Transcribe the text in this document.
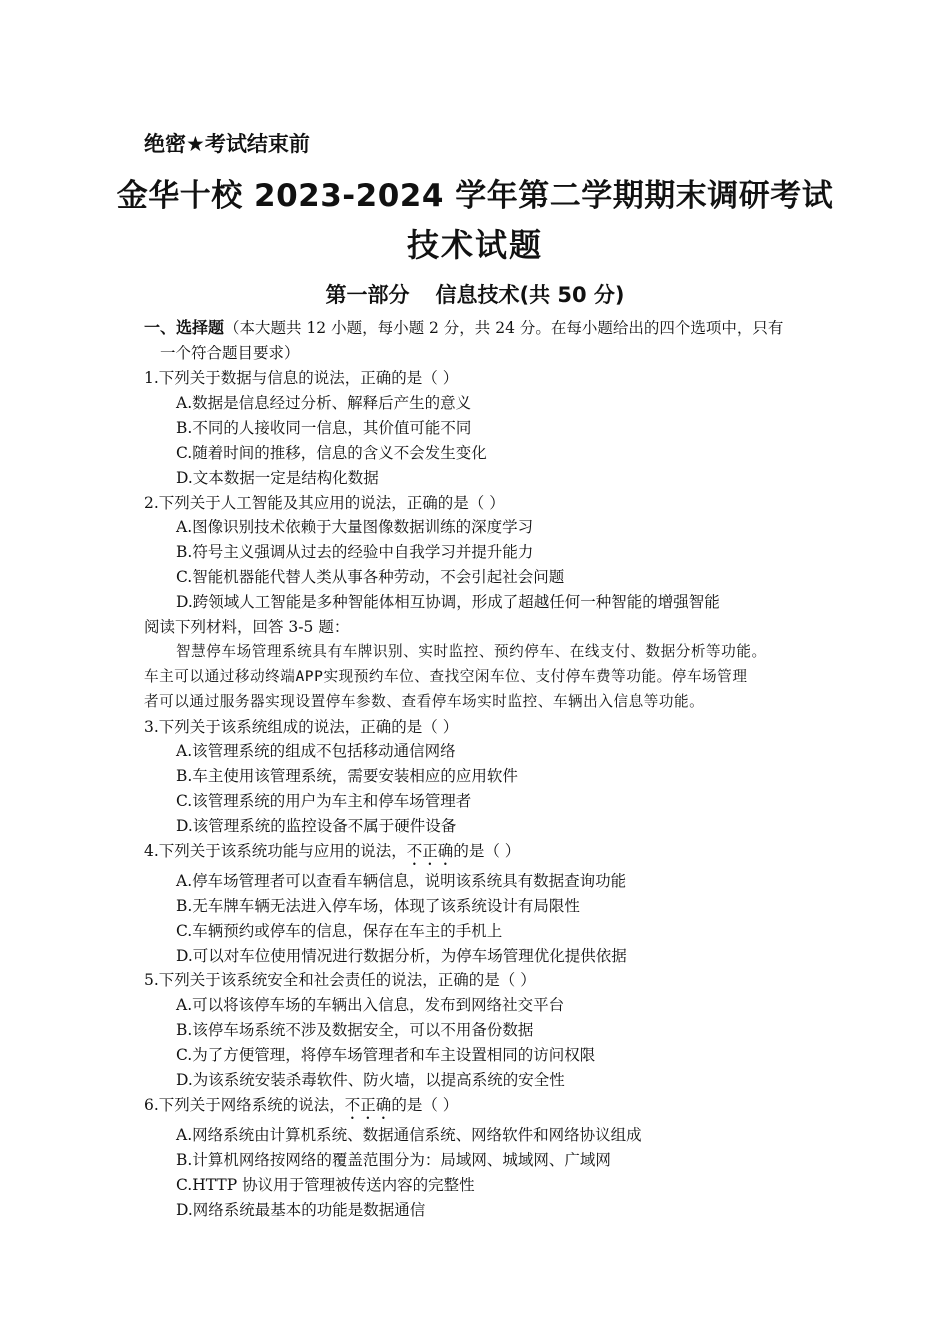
绝密★考试结束前
金华十校 2023-2024 学年第二学期期末调研考试
技术试题
第一部分 信息技术(共 50 分)
一、选择题（本大题共 12 小题，每小题 2 分，共 24 分。在每小题给出的四个选项中，只有
一个符合题目要求）
1.下列关于数据与信息的说法，正确的是（ ）
A.数据是信息经过分析、解释后产生的意义
B.不同的人接收同一信息，其价值可能不同
C.随着时间的推移，信息的含义不会发生变化
D.文本数据一定是结构化数据
2.下列关于人工智能及其应用的说法，正确的是（ ）
A.图像识别技术依赖于大量图像数据训练的深度学习
B.符号主义强调从过去的经验中自我学习并提升能力
C.智能机器能代替人类从事各种劳动，不会引起社会问题
D.跨领域人工智能是多种智能体相互协调，形成了超越任何一种智能的增强智能
阅读下列材料，回答 3-5 题：
智慧停车场管理系统具有车牌识别、实时监控、预约停车、在线支付、数据分析等功能。
车主可以通过移动终端APP实现预约车位、查找空闲车位、支付停车费等功能。停车场管理
者可以通过服务器实现设置停车参数、查看停车场实时监控、车辆出入信息等功能。
3.下列关于该系统组成的说法，正确的是（ ）
A.该管理系统的组成不包括移动通信网络
B.车主使用该管理系统，需要安装相应的应用软件
C.该管理系统的用户为车主和停车场管理者
D.该管理系统的监控设备不属于硬件设备
4.下列关于该系统功能与应用的说法，不正确的是（ ）
A.停车场管理者可以查看车辆信息，说明该系统具有数据查询功能
B.无车牌车辆无法进入停车场，体现了该系统设计有局限性
C.车辆预约或停车的信息，保存在车主的手机上
D.可以对车位使用情况进行数据分析，为停车场管理优化提供依据
5.下列关于该系统安全和社会责任的说法，正确的是（ ）
A.可以将该停车场的车辆出入信息，发布到网络社交平台
B.该停车场系统不涉及数据安全，可以不用备份数据
C.为了方便管理，将停车场管理者和车主设置相同的访问权限
D.为该系统安装杀毒软件、防火墙，以提高系统的安全性
6.下列关于网络系统的说法，不正确的是（ ）
A.网络系统由计算机系统、数据通信系统、网络软件和网络协议组成
B.计算机网络按网络的覆盖范围分为：局域网、城域网、广域网
C.HTTP 协议用于管理被传送内容的完整性
D.网络系统最基本的功能是数据通信
